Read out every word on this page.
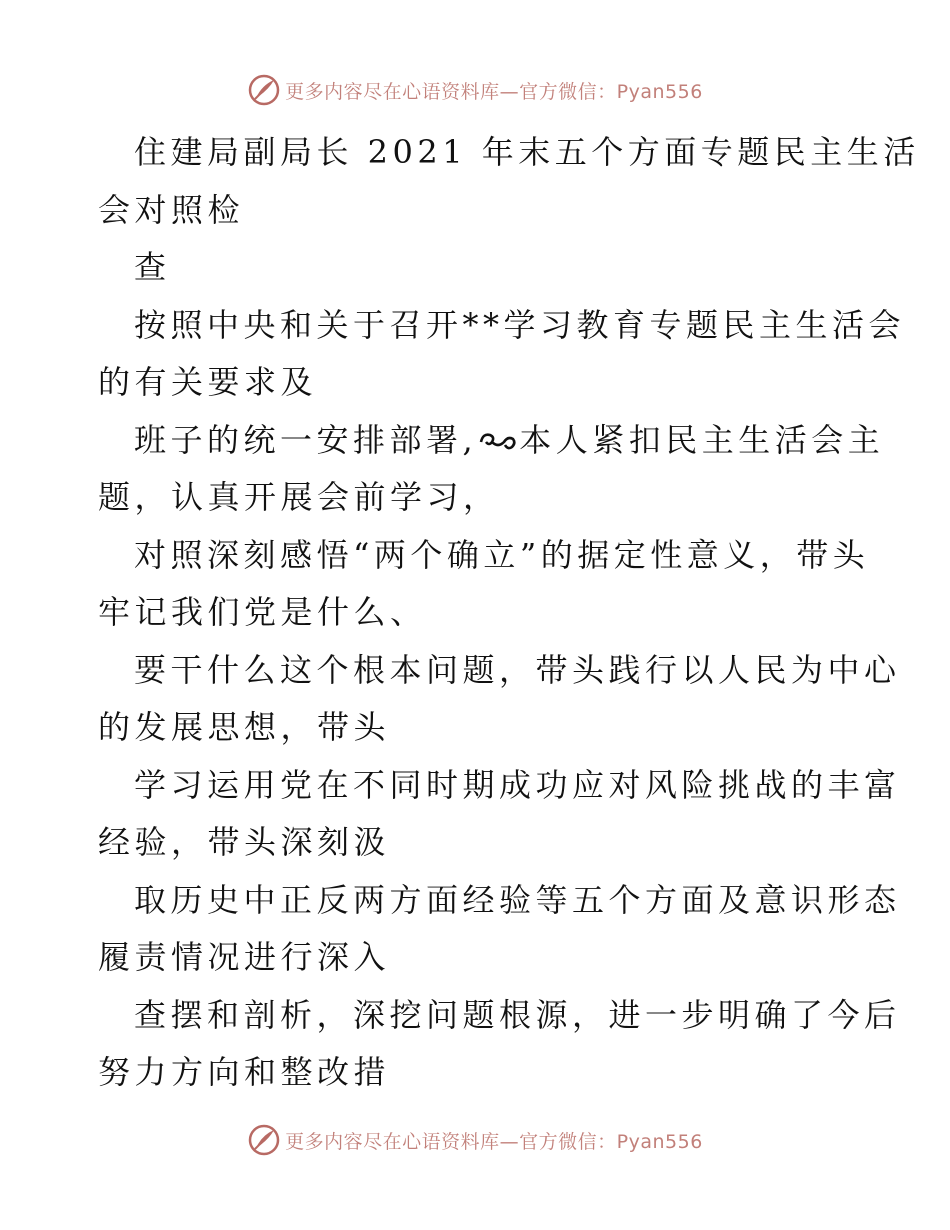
更多内容尽在心语资料库—官方微信：Pyan556
住建局副局长 2021 年末五个方面专题民主生活
会对照检
查
按照中央和关于召开**学习教育专题民主生活会
的有关要求及
班子的统一安排部署, 本人紧扣民主生活会主
题，认真开展会前学习，
对照深刻感悟“两个确立”的据定性意义，带头
牢记我们党是什么、
要干什么这个根本问题，带头践行以人民为中心
的发展思想，带头
学习运用党在不同时期成功应对风险挑战的丰富
经验，带头深刻汲
取历史中正反两方面经验等五个方面及意识形态
履责情况进行深入
查摆和剖析，深挖问题根源，进一步明确了今后
努力方向和整改措
更多内容尽在心语资料库—官方微信：Pyan556
